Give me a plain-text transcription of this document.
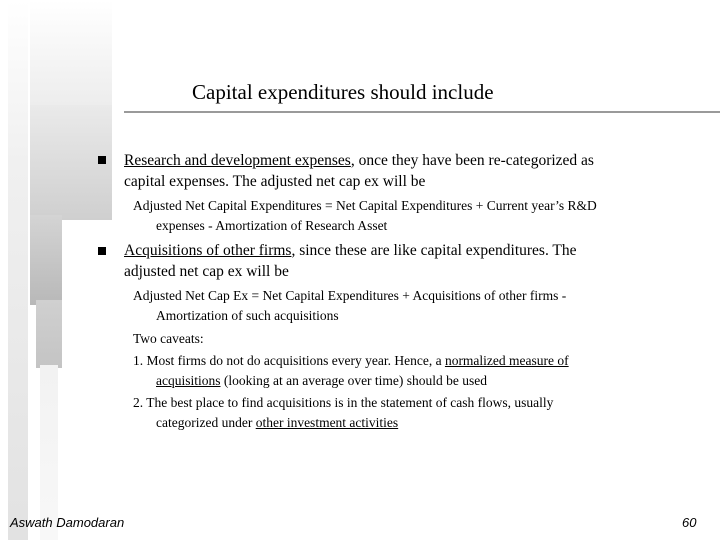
Capital expenditures should include
Research and development expenses, once they have been re-categorized as
capital expenses. The adjusted net cap ex will be
Adjusted Net Capital Expenditures = Net Capital Expenditures + Current year’s R&D
expenses - Amortization of Research Asset
Acquisitions of other firms, since these are like capital expenditures. The
adjusted net cap ex will be
Adjusted Net Cap Ex = Net Capital Expenditures + Acquisitions of other firms -
Amortization of such acquisitions
Two caveats:
1. Most firms do not do acquisitions every year. Hence, a normalized measure of
acquisitions (looking at an average over time) should be used
2. The best place to find acquisitions is in the statement of cash flows, usually
categorized under other investment activities
Aswath Damodaran	60
